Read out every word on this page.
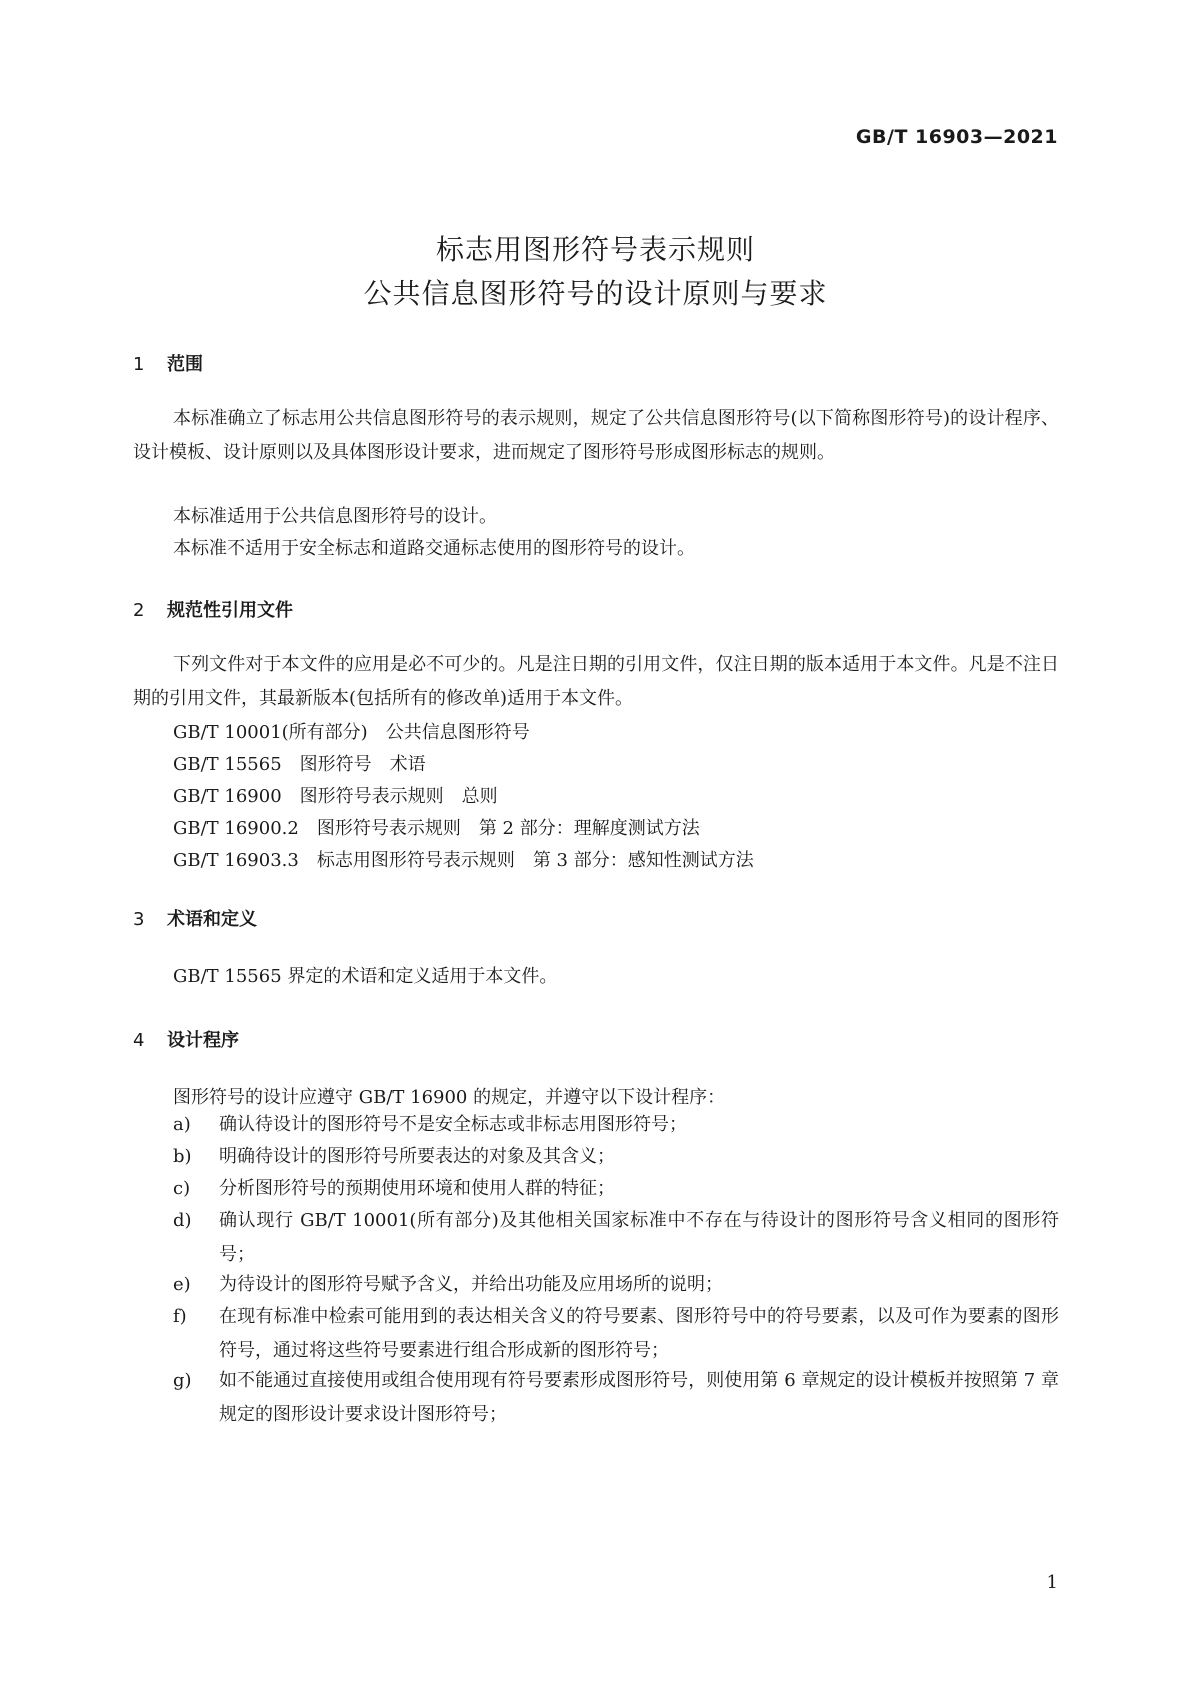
GB/T 16903—2021
标志用图形符号表示规则
公共信息图形符号的设计原则与要求
1 范围
本标准确立了标志用公共信息图形符号的表示规则，规定了公共信息图形符号(以下简称图形符号)的设计程序、设计模板、设计原则以及具体图形设计要求，进而规定了图形符号形成图形标志的规则。
本标准适用于公共信息图形符号的设计。
本标准不适用于安全标志和道路交通标志使用的图形符号的设计。
2 规范性引用文件
下列文件对于本文件的应用是必不可少的。凡是注日期的引用文件，仅注日期的版本适用于本文件。凡是不注日期的引用文件，其最新版本(包括所有的修改单)适用于本文件。
GB/T 10001(所有部分)　公共信息图形符号
GB/T 15565　图形符号　术语
GB/T 16900　图形符号表示规则　总则
GB/T 16900.2　图形符号表示规则　第 2 部分：理解度测试方法
GB/T 16903.3　标志用图形符号表示规则　第 3 部分：感知性测试方法
3 术语和定义
GB/T 15565 界定的术语和定义适用于本文件。
4 设计程序
图形符号的设计应遵守 GB/T 16900 的规定，并遵守以下设计程序：
a) 确认待设计的图形符号不是安全标志或非标志用图形符号；
b) 明确待设计的图形符号所要表达的对象及其含义；
c) 分析图形符号的预期使用环境和使用人群的特征；
d) 确认现行 GB/T 10001(所有部分)及其他相关国家标准中不存在与待设计的图形符号含义相同的图形符号；
e) 为待设计的图形符号赋予含义，并给出功能及应用场所的说明；
f) 在现有标准中检索可能用到的表达相关含义的符号要素、图形符号中的符号要素，以及可作为要素的图形符号，通过将这些符号要素进行组合形成新的图形符号；
g) 如不能通过直接使用或组合使用现有符号要素形成图形符号，则使用第 6 章规定的设计模板并按照第 7 章规定的图形设计要求设计图形符号；
1
